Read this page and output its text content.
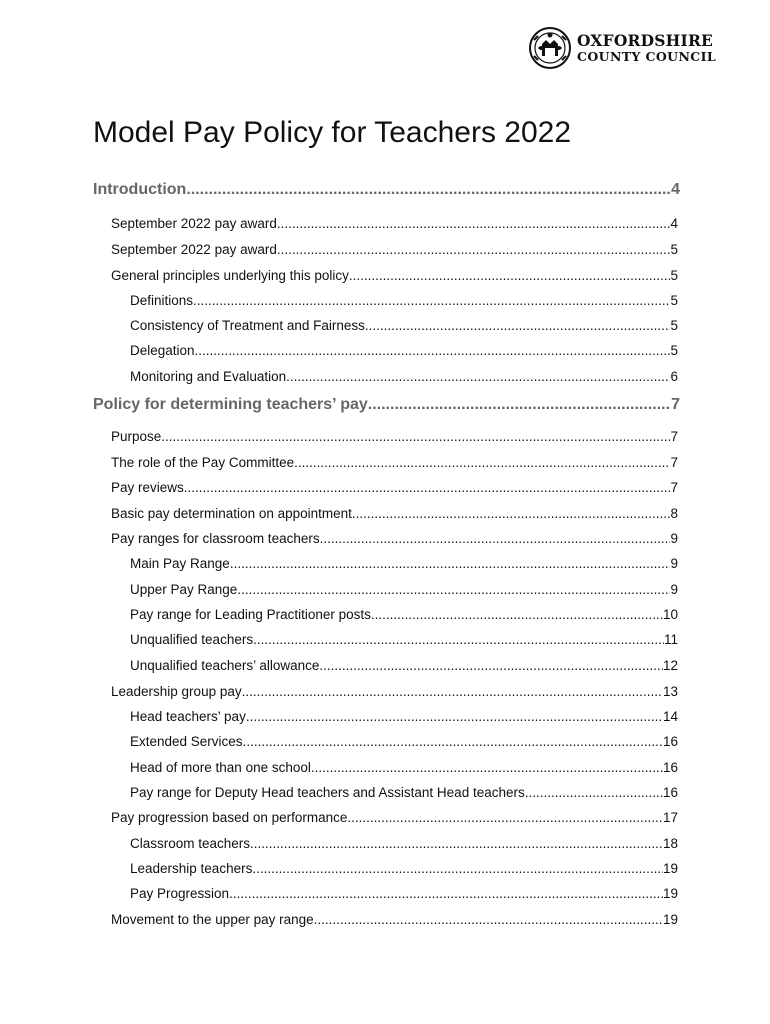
OXFORDSHIRE
COUNTY COUNCIL
Model Pay Policy for Teachers 2022
Introduction .....	4
September 2022 pay award .....	4
September 2022 pay award .....	5
General principles underlying this policy .....	5
Definitions .....	5
Consistency of Treatment and Fairness .....	5
Delegation .....	5
Monitoring and Evaluation .....	6
Policy for determining teachers’ pay .....	7
Purpose .....	7
The role of the Pay Committee .....	7
Pay reviews .....	7
Basic pay determination on appointment .....	8
Pay ranges for classroom teachers .....	9
Main Pay Range .....	9
Upper Pay Range .....	9
Pay range for Leading Practitioner posts .....	10
Unqualified teachers .....	11
Unqualified teachers’ allowance .....	12
Leadership group pay .....	13
Head teachers’ pay .....	14
Extended Services .....	16
Head of more than one school .....	16
Pay range for Deputy Head teachers and Assistant Head teachers .....	16
Pay progression based on performance .....	17
Classroom teachers .....	18
Leadership teachers .....	19
Pay Progression .....	19
Movement to the upper pay range .....	19
